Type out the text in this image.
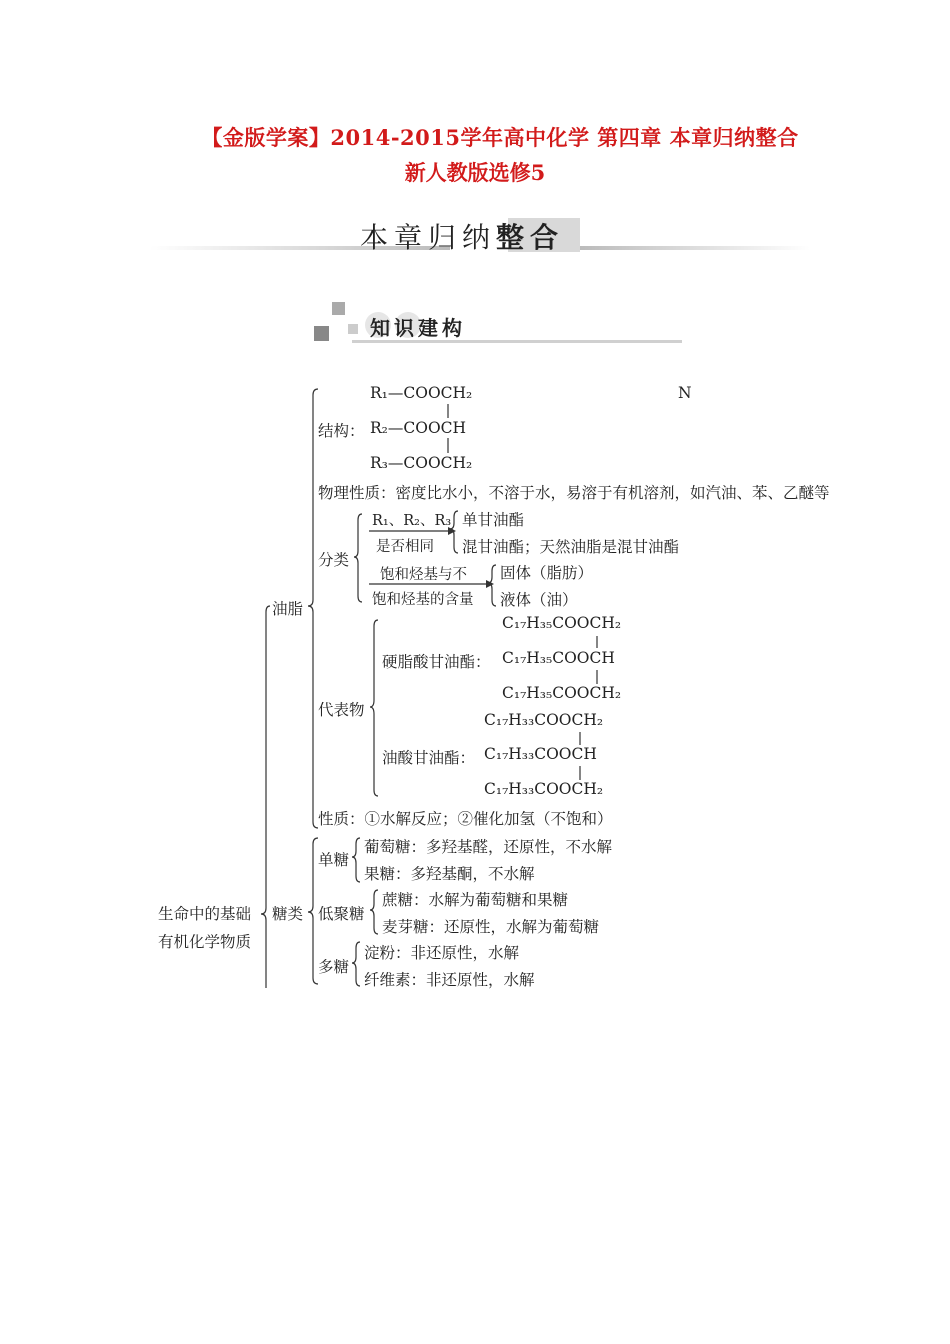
【金版学案】2014-2015学年高中化学 第四章 本章归纳整合
新人教版选修5
本章归纳整合
知识建构
生命中的基础
有机化学物质
油脂
结构：
R₁—COOCH₂
R₂—COOCH
R₃—COOCH₂
N
物理性质：密度比水小，不溶于水，易溶于有机溶剂，如汽油、苯、乙醚等
分类
R₁、R₂、R₃
是否相同
单甘油酯
混甘油酯；天然油脂是混甘油酯
饱和烃基与不
饱和烃基的含量
固体（脂肪）
液体（油）
代表物
硬脂酸甘油酯：
C₁₇H₃₅COOCH₂
C₁₇H₃₅COOCH
C₁₇H₃₅COOCH₂
油酸甘油酯：
C₁₇H₃₃COOCH₂
C₁₇H₃₃COOCH
C₁₇H₃₃COOCH₂
性质：①水解反应；②催化加氢（不饱和）
糖类
单糖
葡萄糖：多羟基醛，还原性，不水解
果糖：多羟基酮，不水解
低聚糖
蔗糖：水解为葡萄糖和果糖
麦芽糖：还原性，水解为葡萄糖
多糖
淀粉：非还原性，水解
纤维素：非还原性，水解
